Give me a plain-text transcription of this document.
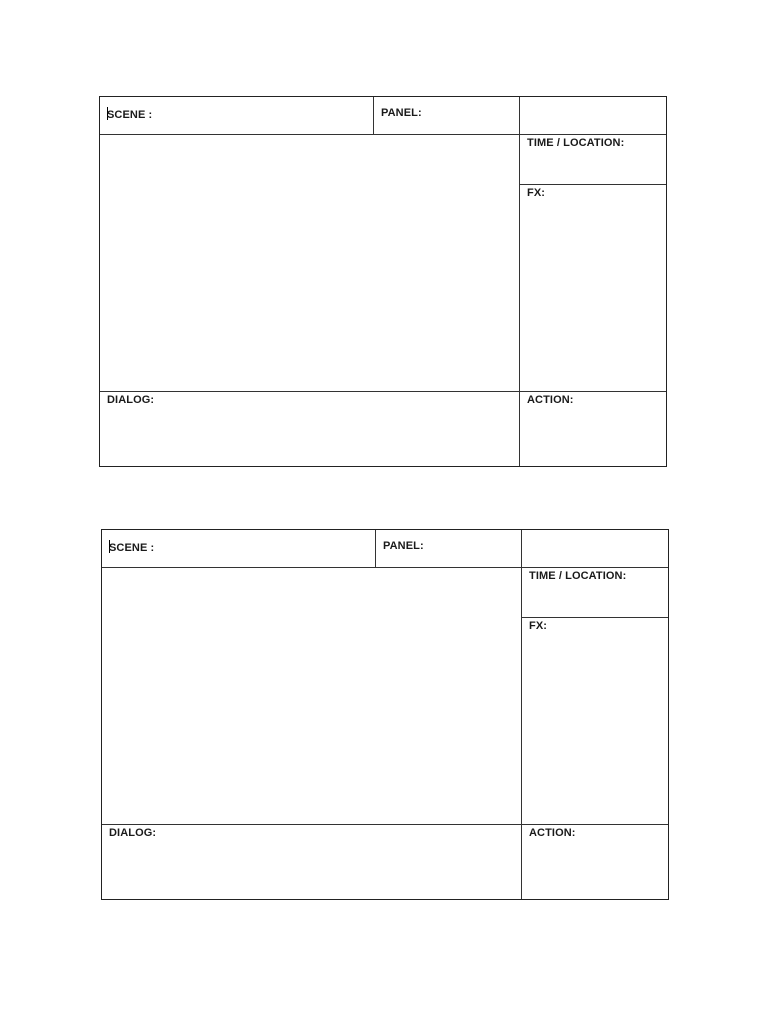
SCENE :	PANEL:
TIME / LOCATION:
FX:
DIALOG:	ACTION:
SCENE :	PANEL:
TIME / LOCATION:
FX:
DIALOG:	ACTION:
